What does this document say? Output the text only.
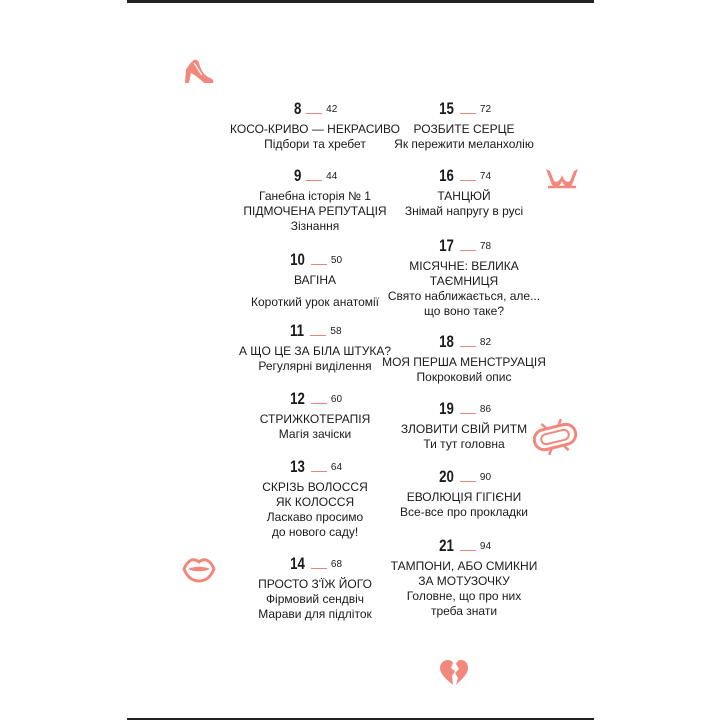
8	42
КОСО-КРИВО — НЕКРАСИВО
Підбори та хребет
9	44
Ганебна історія № 1
ПІДМОЧЕНА РЕПУТАЦІЯ
Зізнання
10	50
ВАГІНА
Короткий урок анатомії
11	58
А ЩО ЦЕ ЗА БІЛА ШТУКА?
Регулярні виділення
12	60
СТРИЖКОТЕРАПІЯ
Магія зачіски
13	64
СКРІЗЬ ВОЛОССЯ
ЯК КОЛОССЯ
Ласкаво просимо
до нового саду!
14	68
ПРОСТО З'ЇЖ ЙОГО
Фірмовий сендвіч
Марави для підліток
15	72
РОЗБИТЕ СЕРЦЕ
Як пережити меланхолію
16	74
ТАНЦЮЙ
Знімай напругу в русі
17	78
МІСЯЧНЕ: ВЕЛИКА
ТАЄМНИЦЯ
Свято наближається, але...
що воно таке?
18	82
МОЯ ПЕРША МЕНСТРУАЦІЯ
Покроковий опис
19	86
ЗЛОВИТИ СВІЙ РИТМ
Ти тут головна
20	90
ЕВОЛЮЦІЯ ГІГІЄНИ
Все-все про прокладки
21	94
ТАМПОНИ, АБО СМИКНИ
ЗА МОТУЗОЧКУ
Головне, що про них
треба знати
